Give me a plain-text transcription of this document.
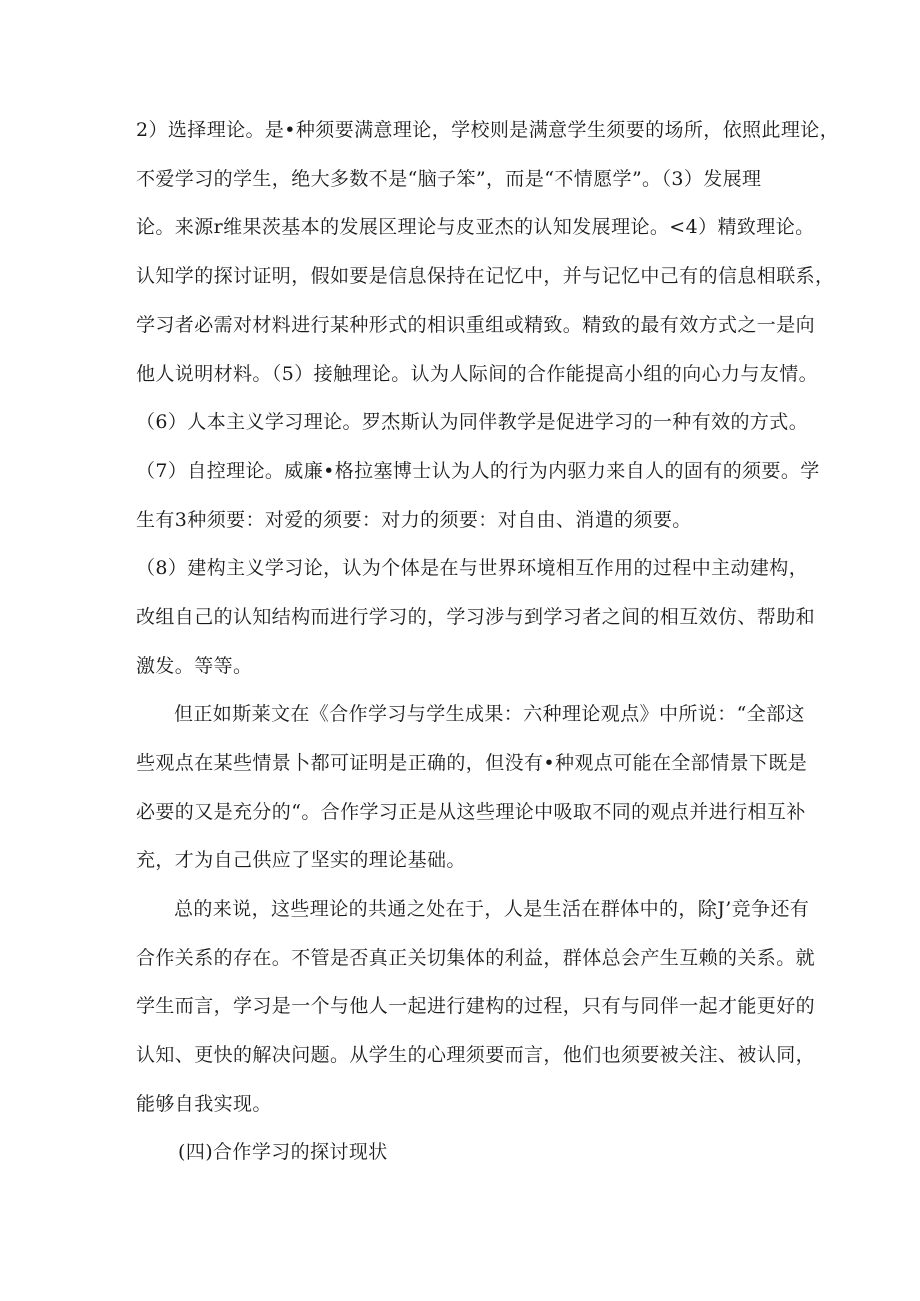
2）选择理论。是•种须要满意理论，学校则是满意学生须要的场所，依照此理论，
不爱学习的学生，绝大多数不是“脑子笨”，而是“不情愿学”。（3）发展理
论。来源r维果茨基本的发展区理论与皮亚杰的认知发展理论。<4）精致理论。
认知学的探讨证明，假如要是信息保持在记忆中，并与记忆中己有的信息相联系，
学习者必需对材料进行某种形式的相识重组或精致。精致的最有效方式之一是向
他人说明材料。（5）接触理论。认为人际间的合作能提高小组的向心力与友情。
（6）人本主义学习理论。罗杰斯认为同伴教学是促进学习的一种有效的方式。
（7）自控理论。威廉•格拉塞博士认为人的行为内驱力来自人的固有的须要。学
生有3种须要：对爱的须要：对力的须要：对自由、消遣的须要。
（8）建构主义学习论，认为个体是在与世界环境相互作用的过程中主动建构，
改组自己的认知结构而进行学习的，学习涉与到学习者之间的相互效仿、帮助和
激发。等等。
但正如斯莱文在《合作学习与学生成果：六种理论观点》中所说：“全部这
些观点在某些情景卜都可证明是正确的，但没有•种观点可能在全部情景下既是
必要的又是充分的“。合作学习正是从这些理论中吸取不同的观点并进行相互补
充，才为自己供应了坚实的理论基础。
总的来说，这些理论的共通之处在于，人是生活在群体中的，除J’竞争还有
合作关系的存在。不管是否真正关切集体的利益，群体总会产生互赖的关系。就
学生而言，学习是一个与他人一起进行建构的过程，只有与同伴一起才能更好的
认知、更快的解决问题。从学生的心理须要而言，他们也须要被关注、被认同，
能够自我实现。
(四)合作学习的探讨现状
